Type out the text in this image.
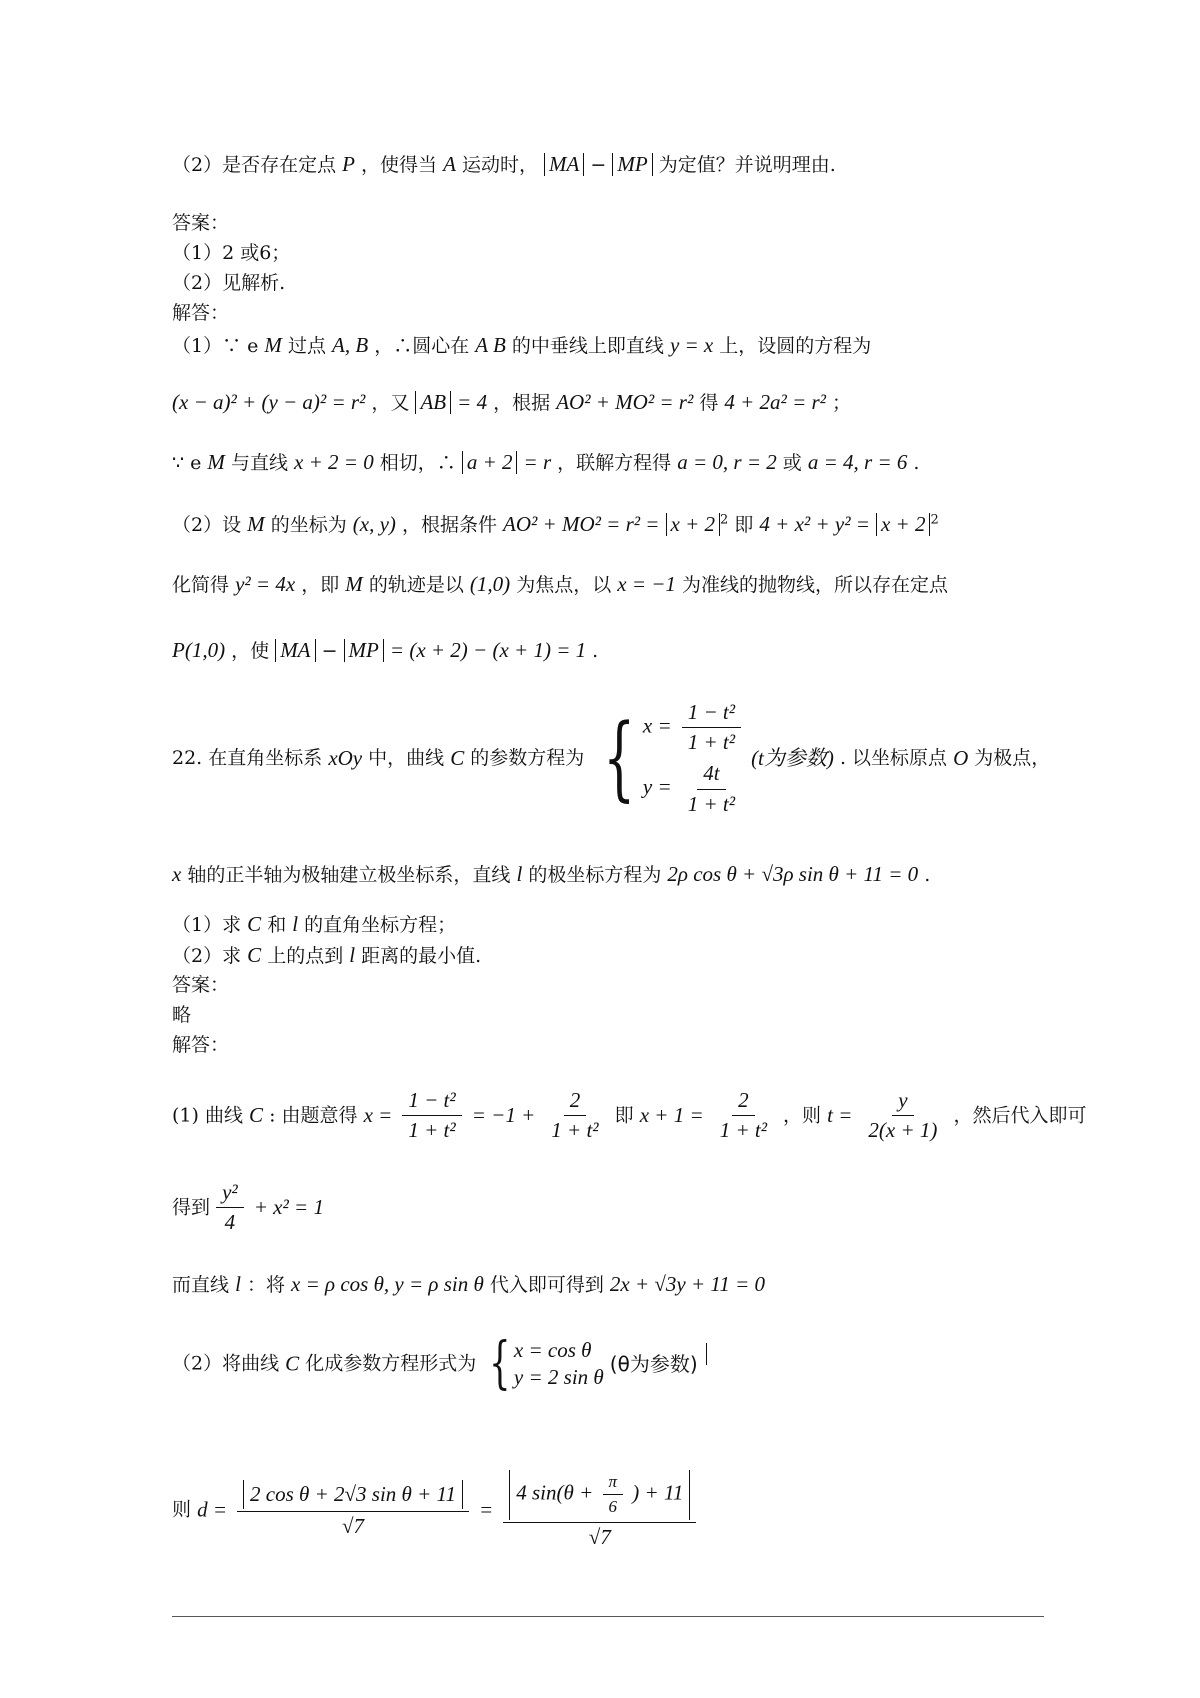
（2）是否存在定点 P ，使得当 A 运动时， MA − MP 为定值？并说明理由.
答案：
（1）2 或6；
（2）见解析.
解答：
（1）∵ e M 过点 A, B ，∴圆心在 A B 的中垂线上即直线 y = x 上，设圆的方程为
(x − a)² + (y − a)² = r² ，又 AB = 4 ，根据 AO² + MO² = r² 得 4 + 2a² = r² ；
∵ e M 与直线 x + 2 = 0 相切，∴ a + 2 = r ，联解方程得 a = 0, r = 2 或 a = 4, r = 6 .
（2）设 M 的坐标为 (x, y) ，根据条件 AO² + MO² = r² = x + 2 $^2$ 即 4 + x² + y² = x + 2 $^2$
化简得 y² = 4x ，即 M 的轨迹是以 (1,0) 为焦点，以 x = −1 为准线的抛物线，所以存在定点
P(1,0) ，使 MA − MP = (x + 2) − (x + 1) = 1 .
22. 在直角坐标系 xOy 中，曲线 C 的参数方程为 { $x = \frac{\text{1 − t²}}{\text{1 + t²}}$
$y = \frac{4t}{\text{1 + t²}}$
(t为参数) . 以坐标原点 O 为极点，
x 轴的正半轴为极轴建立极坐标系，直线 l 的极坐标方程为 2ρ cos θ + √3ρ sin θ + 11 = 0 .
（1）求 C 和 l 的直角坐标方程；
（2）求 C 上的点到 l 距离的最小值.
答案：
略
解答：
(1) 曲线 C : 由题意得 $x = \frac{\text{1 − t²}}{\text{1 + t²}} = -1 + \frac{2}{\text{1 + t²}}$ 即 $x + 1 = \frac{2}{\text{1 + t²}}$ ，则 $t = \frac{y}{2(x + 1)}$ ，然后代入即可
得到 $\frac{\text{y²}}{4} + x^2 = 1$
而直线 l ：将 x = ρ cos θ, y = ρ sin θ 代入即可得到 2x + √3y + 11 = 0
（2）将曲线 C 化成参数方程形式为 { x = cos θ
y = 2 sin θ
(θ为参数)
则 $d = \frac{\text{2 cos θ + 2√3 sin θ + 11}}{√7}$ =
4 $\sin(\theta + \frac{\pi}{6}$ ) + 11
√7
